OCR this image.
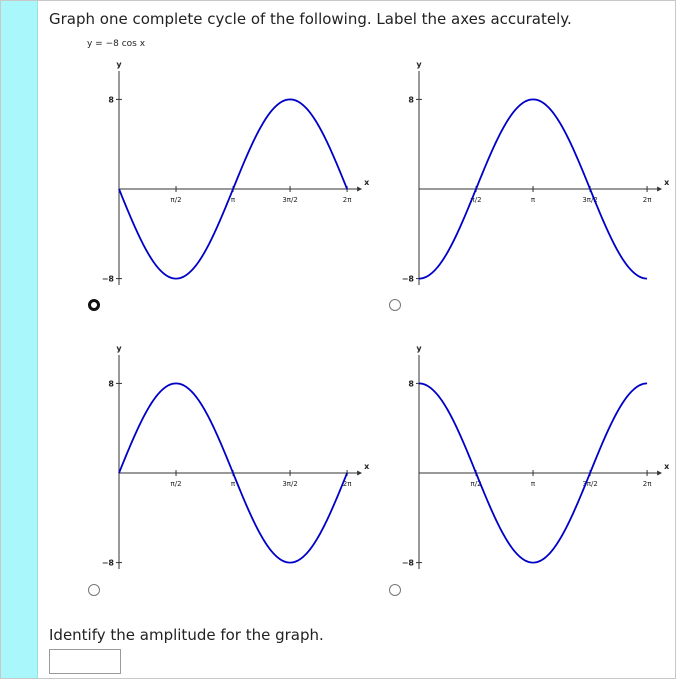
Graph one complete cycle of the following. Label the axes accurately.
y = −8 cos x
y
x
8
−8
π/2	π	3π/2	2π
y
x
8
−8
π/2	π	3π/2	2π
y
x
8
−8
π/2	π	3π/2	2π
y
x
8
−8
π/2	π	3π/2	2π
Identify the amplitude for the graph.
